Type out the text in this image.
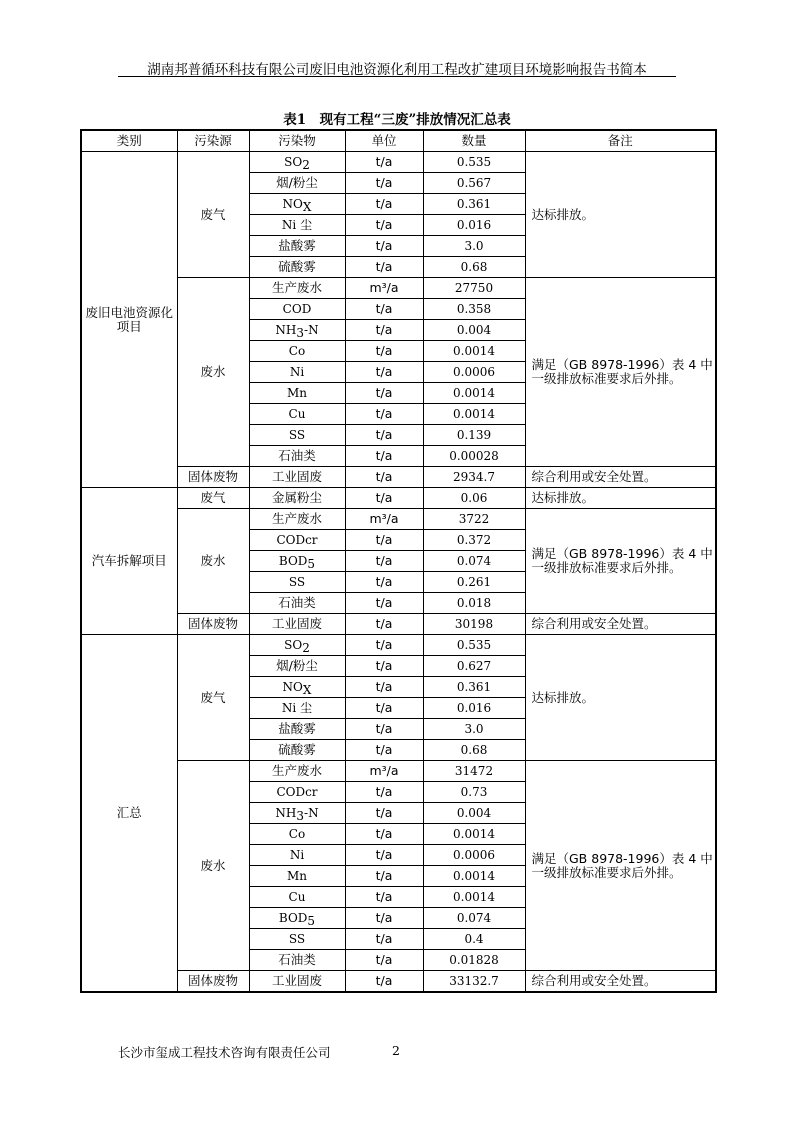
湖南邦普循环科技有限公司废旧电池资源化利用工程改扩建项目环境影响报告书简本
表1　现有工程“三废”排放情况汇总表
类别	污染源	污染物	单位	数量	备注
废旧电池资源化项目	废气	$SO_2$	t/a	0.535	达标排放。
		烟/粉尘	t/a	0.567	
		$NO_X$	t/a	0.361	
		Ni 尘	t/a	0.016	
		盐酸雾	t/a	3.0	
		硫酸雾	t/a	0.68	
	废水	生产废水	m³/a	27750	满足（GB 8978-1996）表 4 中一级排放标准要求后外排。
		COD	t/a	0.358	
		$NH_3-N$	t/a	0.004	
		Co	t/a	0.0014	
		Ni	t/a	0.0006	
		Mn	t/a	0.0014	
		Cu	t/a	0.0014	
		SS	t/a	0.139	
		石油类	t/a	0.00028	
	固体废物	工业固废	t/a	2934.7	综合利用或安全处置。
汽车拆解项目	废气	金属粉尘	t/a	0.06	达标排放。
	废水	生产废水	m³/a	3722	满足（GB 8978-1996）表 4 中一级排放标准要求后外排。
		CODcr	t/a	0.372	
		$BOD_5$	t/a	0.074	
		SS	t/a	0.261	
		石油类	t/a	0.018	
	固体废物	工业固废	t/a	30198	综合利用或安全处置。
汇总	废气	$SO_2$	t/a	0.535	达标排放。
		烟/粉尘	t/a	0.627	
		$NO_X$	t/a	0.361	
		Ni 尘	t/a	0.016	
		盐酸雾	t/a	3.0	
		硫酸雾	t/a	0.68	
	废水	生产废水	m³/a	31472	满足（GB 8978-1996）表 4 中一级排放标准要求后外排。
		CODcr	t/a	0.73	
		$NH_3-N$	t/a	0.004	
		Co	t/a	0.0014	
		Ni	t/a	0.0006	
		Mn	t/a	0.0014	
		Cu	t/a	0.0014	
		$BOD_5$	t/a	0.074	
		SS	t/a	0.4	
		石油类	t/a	0.01828	
	固体废物	工业固废	t/a	33132.7	综合利用或安全处置。
长沙市玺成工程技术咨询有限责任公司	2
